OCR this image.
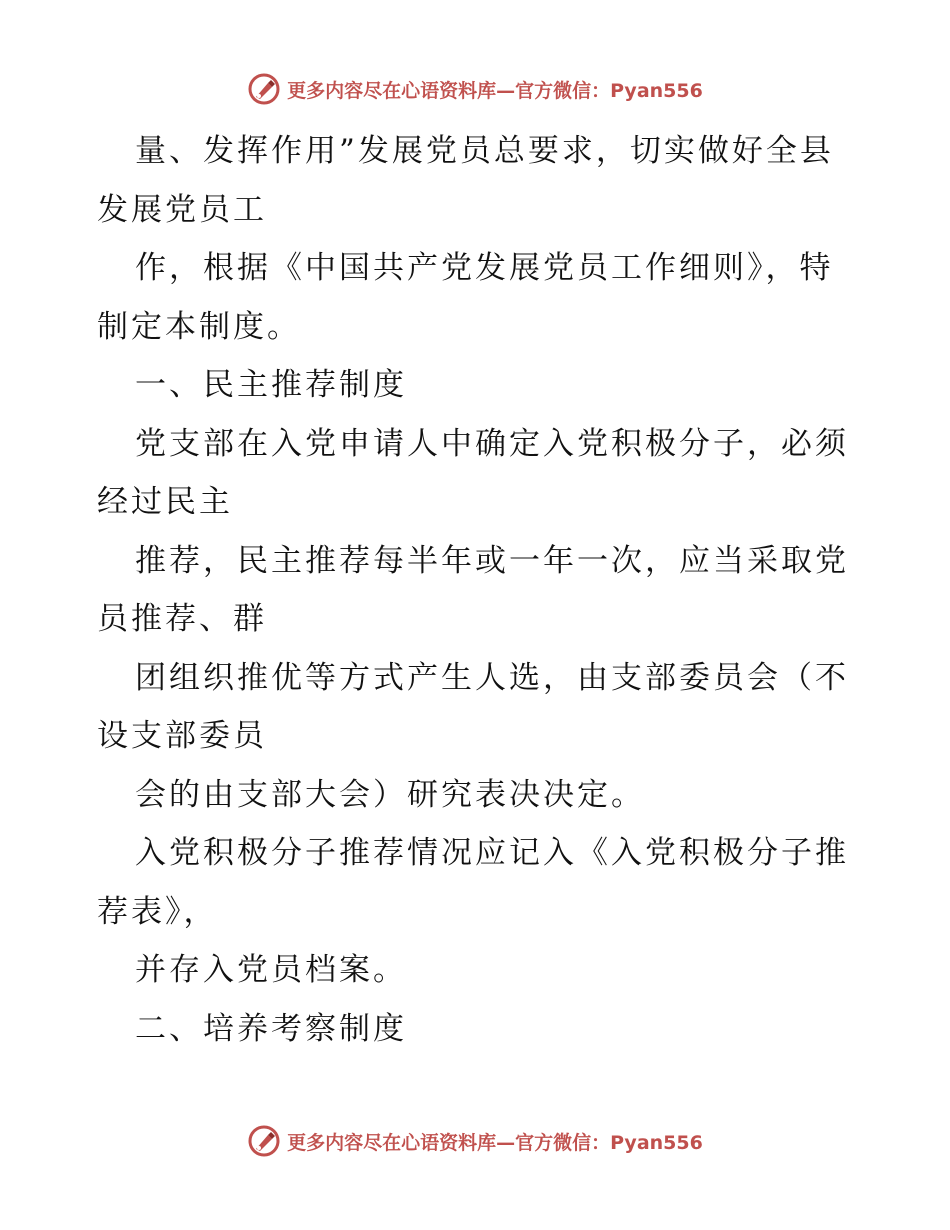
更多内容尽在心语资料库—官方微信：Pyan556
量、发挥作用”发展党员总要求，切实做好全县
发展党员工
作，根据《中国共产党发展党员工作细则》，特
制定本制度。
一、民主推荐制度
党支部在入党申请人中确定入党积极分子，必须
经过民主
推荐，民主推荐每半年或一年一次，应当采取党
员推荐、群
团组织推优等方式产生人选，由支部委员会（不
设支部委员
会的由支部大会）研究表决决定。
入党积极分子推荐情况应记入《入党积极分子推
荐表》，
并存入党员档案。
二、培养考察制度
更多内容尽在心语资料库—官方微信：Pyan556
